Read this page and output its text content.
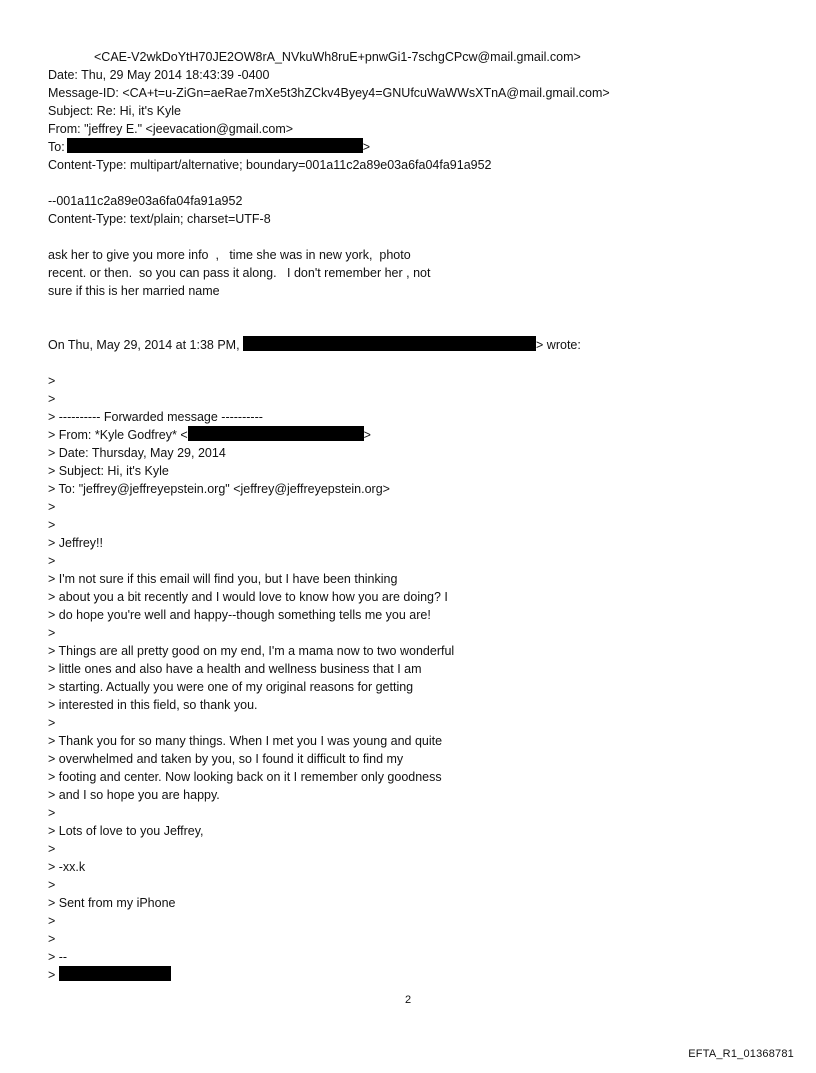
<CAE-V2wkDoYtH70JE2OW8rA_NVkuWh8ruE+pnwGi1-7schgCPcw@mail.gmail.com>
Date: Thu, 29 May 2014 18:43:39 -0400
Message-ID: <CA+t=u-ZiGn=aeRae7mXe5t3hZCkv4Byey4=GNUfcuWaWWsXTnA@mail.gmail.com>
Subject: Re: Hi, it's Kyle
From: "jeffrey E." <jeevacation@gmail.com>
To:	>
Content-Type: multipart/alternative; boundary=001a11c2a89e03a6fa04fa91a952
--001a11c2a89e03a6fa04fa91a952
Content-Type: text/plain; charset=UTF-8
ask her to give you more info  ,   time she was in new york,  photo
recent. or then.  so you can pass it along.   I don't remember her , not
sure if this is her married name
On Thu, May 29, 2014 at 1:38 PM,	> wrote:
>
>
> ---------- Forwarded message ----------
> From: *Kyle Godfrey* <	>
> Date: Thursday, May 29, 2014
> Subject: Hi, it's Kyle
> To: "jeffrey@jeffreyepstein.org" <jeffrey@jeffreyepstein.org>
>
>
> Jeffrey!!
>
> I'm not sure if this email will find you, but I have been thinking
> about you a bit recently and I would love to know how you are doing? I
> do hope you're well and happy--though something tells me you are!
>
> Things are all pretty good on my end, I'm a mama now to two wonderful
> little ones and also have a health and wellness business that I am
> starting. Actually you were one of my original reasons for getting
> interested in this field, so thank you.
>
> Thank you for so many things. When I met you I was young and quite
> overwhelmed and taken by you, so I found it difficult to find my
> footing and center. Now looking back on it I remember only goodness
> and I so hope you are happy.
>
> Lots of love to you Jeffrey,
>
> -xx.k
>
> Sent from my iPhone
>
>
> --
>
2
EFTA_R1_01368781
